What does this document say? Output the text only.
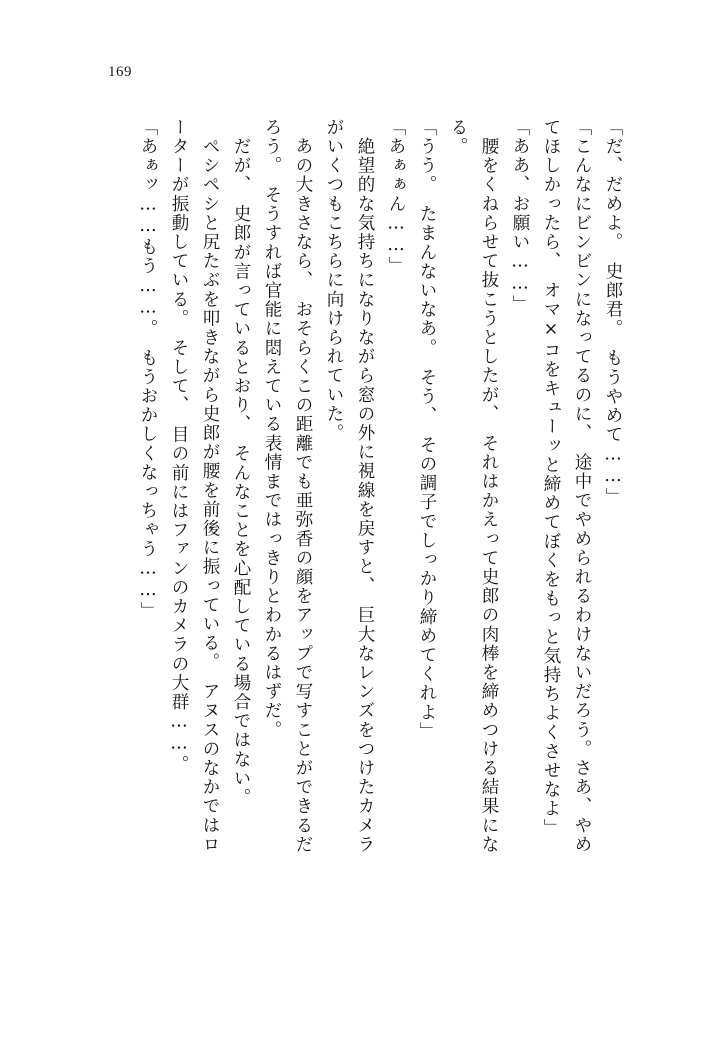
169
「だ、だめよ。　史郎君。　もうやめて……」
「こんなにビンビンになってるのに、　途中でやめられるわけないだろう。さあ、やめ
てほしかったら、　オマ×コをキューッと締めてぼくをもっと気持ちよくさせなよ」
「ああ、お願い……」
　腰をくねらせて抜こうとしたが、　それはかえって史郎の肉棒を締めつける結果にな
る。
「うう。　たまんないなあ。　そう、　その調子でしっかり締めてくれよ」
「あぁぁん……」
　絶望的な気持ちになりながら窓の外に視線を戻すと、　巨大なレンズをつけたカメラ
がいくつもこちらに向けられていた。
　あの大きさなら、　おそらくこの距離でも亜弥香の顔をアップで写すことができるだ
ろう。　そうすれば官能に悶えている表情まではっきりとわかるはずだ。
　だが、　史郎が言っているとおり、　そんなことを心配している場合ではない。
　ペシペシと尻たぶを叩きながら史郎が腰を前後に振っている。　アヌスのなかではロ
ーターが振動している。　そして、　目の前にはファンのカメラの大群……。
「あぁッ……もう……。　もうおかしくなっちゃう……」
